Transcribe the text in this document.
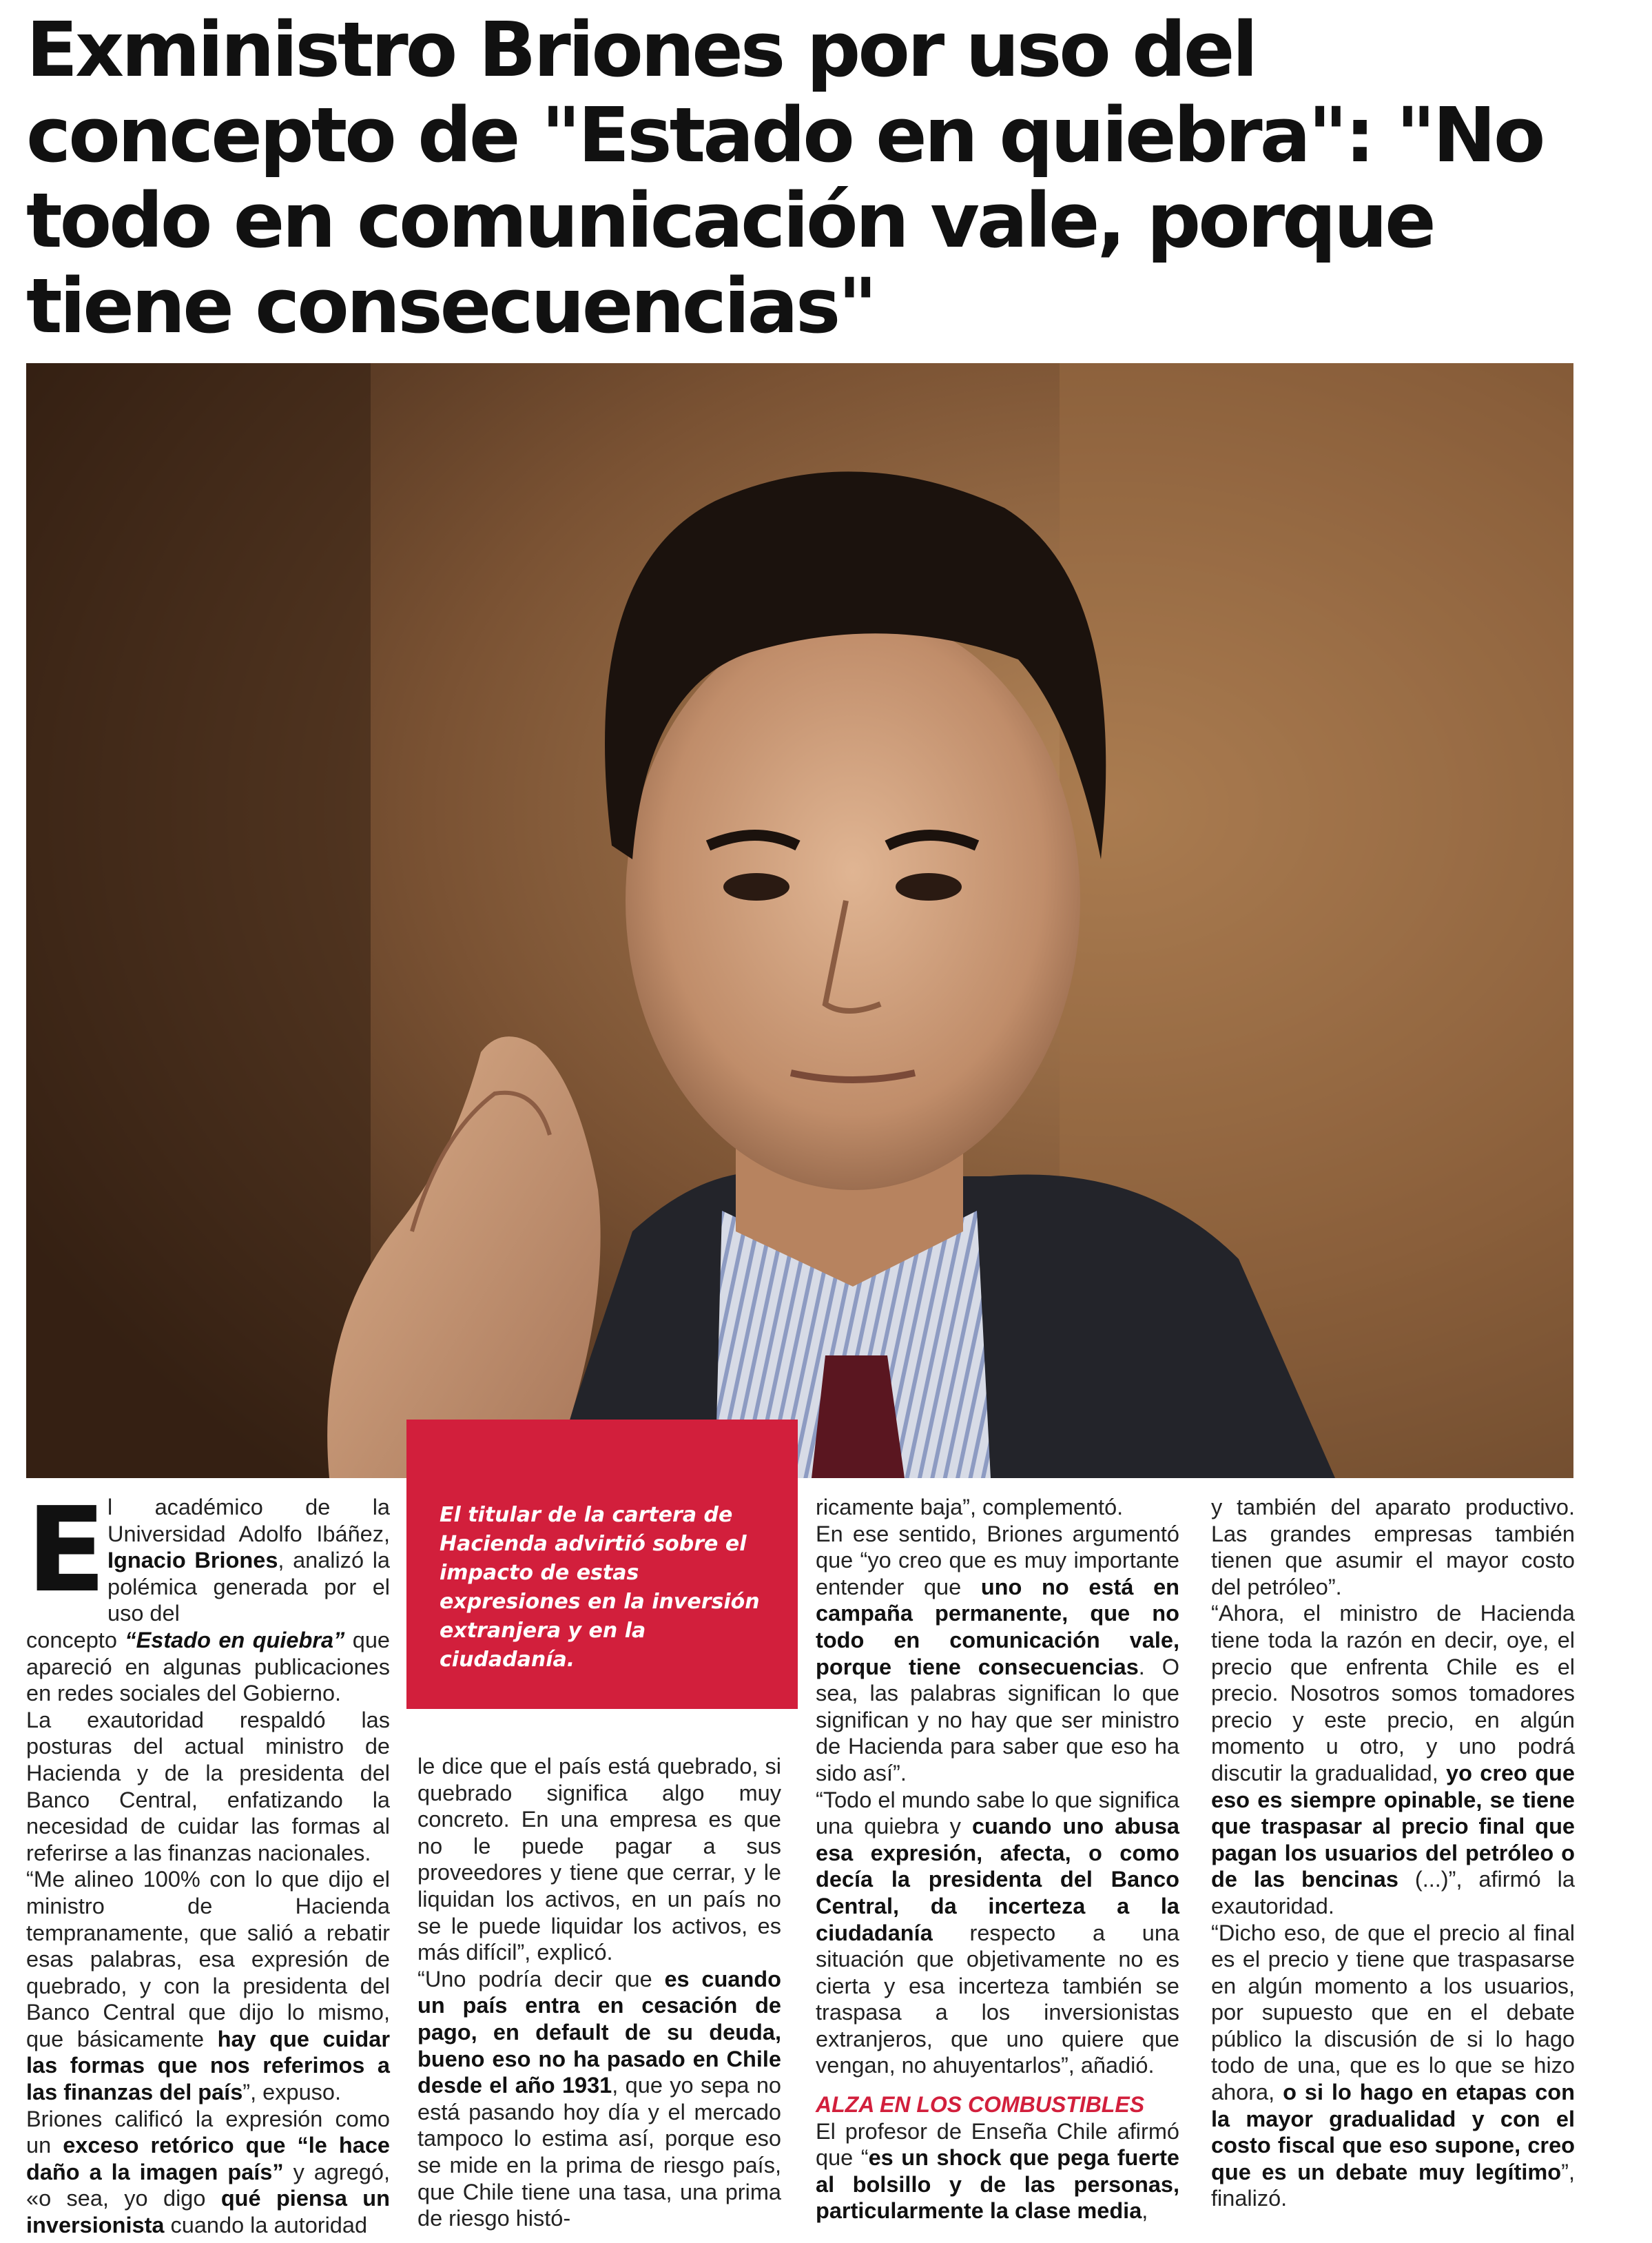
Exministro Briones por uso del concepto de "Estado en quiebra": "No todo en comunicación vale, porque tiene consecuencias"

El titular de la cartera de Hacienda advirtió sobre el impacto de estas expresiones en la inversión extranjera y en la ciudadanía.

E l académico de la Universidad Adolfo Ibáñez, Ignacio Briones, analizó la polémica generada por el uso del

concepto “Estado en quiebra” que apareció en algunas publicaciones en redes sociales del Gobierno.

La exautoridad respaldó las posturas del actual ministro de Hacienda y de la presidenta del Banco Central, enfatizando la necesidad de cuidar las formas al referirse a las finanzas nacionales.

“Me alineo 100% con lo que dijo el ministro de Hacienda tempranamente, que salió a rebatir esas palabras, esa expresión de quebrado, y con la presidenta del Banco Central que dijo lo mismo, que básicamente hay que cuidar las formas que nos referimos a las finanzas del país”, expuso.

Briones calificó la expresión como un exceso retórico que “le hace daño a la imagen país” y agregó, «o sea, yo digo qué piensa un inversionista cuando la autoridad

le dice que el país está quebrado, si quebrado significa algo muy concreto. En una empresa es que no le puede pagar a sus proveedores y tiene que cerrar, y le liquidan los activos, en un país no se le puede liquidar los activos, es más difícil”, explicó.

“Uno podría decir que es cuando un país entra en cesación de pago, en default de su deuda, bueno eso no ha pasado en Chile desde el año 1931, que yo sepa no está pasando hoy día y el mercado tampoco lo estima así, porque eso se mide en la prima de riesgo país, que Chile tiene una tasa, una prima de riesgo histó-

ricamente baja”, complementó.

En ese sentido, Briones argumentó que “yo creo que es muy importante entender que uno no está en campaña permanente, que no todo en comunicación vale, porque tiene consecuencias. O sea, las palabras significan lo que significan y no hay que ser ministro de Hacienda para saber que eso ha sido así”.

“Todo el mundo sabe lo que significa una quiebra y cuando uno abusa esa expresión, afecta, o como decía la presidenta del Banco Central, da incerteza a la ciudadanía respecto a una situación que objetivamente no es cierta y esa incerteza también se traspasa a los inversionistas extranjeros, que uno quiere que vengan, no ahuyentarlos”, añadió.

ALZA EN LOS COMBUSTIBLES

El profesor de Enseña Chile afirmó que “es un shock que pega fuerte al bolsillo y de las personas, particularmente la clase media,

y también del aparato productivo. Las grandes empresas también tienen que asumir el mayor costo del petróleo”.

“Ahora, el ministro de Hacienda tiene toda la razón en decir, oye, el precio que enfrenta Chile es el precio. Nosotros somos tomadores precio y este precio, en algún momento u otro, y uno podrá discutir la gradualidad, yo creo que eso es siempre opinable, se tiene que traspasar al precio final que pagan los usuarios del petróleo o de las bencinas (...)”, afirmó la exautoridad.

“Dicho eso, de que el precio al final es el precio y tiene que traspasarse en algún momento a los usuarios, por supuesto que en el debate público la discusión de si lo hago todo de una, que es lo que se hizo ahora, o si lo hago en etapas con la mayor gradualidad y con el costo fiscal que eso supone, creo que es un debate muy legítimo”, finalizó.
